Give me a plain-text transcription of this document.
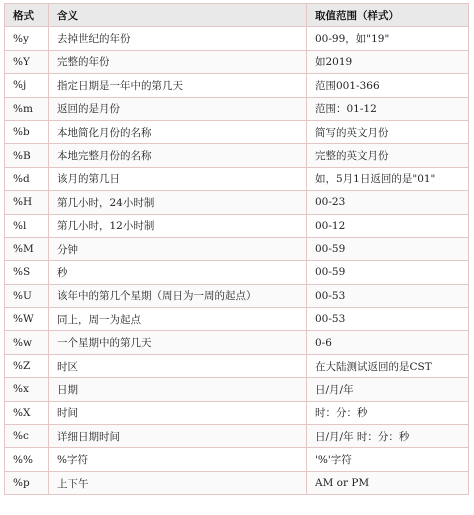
格式	含义	取值范围（样式）
%y	去掉世纪的年份	00-99，如"19"
%Y	完整的年份	如2019
%j	指定日期是一年中的第几天	范围001-366
%m	返回的是月份	范围：01-12
%b	本地简化月份的名称	简写的英文月份
%B	本地完整月份的名称	完整的英文月份
%d	该月的第几日	如，5月1日返回的是"01"
%H	第几小时，24小时制	00-23
%l	第几小时，12小时制	00-12
%M	分钟	00-59
%S	秒	00-59
%U	该年中的第几个星期（周日为一周的起点）	00-53
%W	同上，周一为起点	00-53
%w	一个星期中的第几天	0-6
%Z	时区	在大陆测试返回的是CST
%x	日期	日/月/年
%X	时间	时：分：秒
%c	详细日期时间	日/月/年 时：分：秒
%%	%字符	'%'字符
%p	上下午	AM or PM
